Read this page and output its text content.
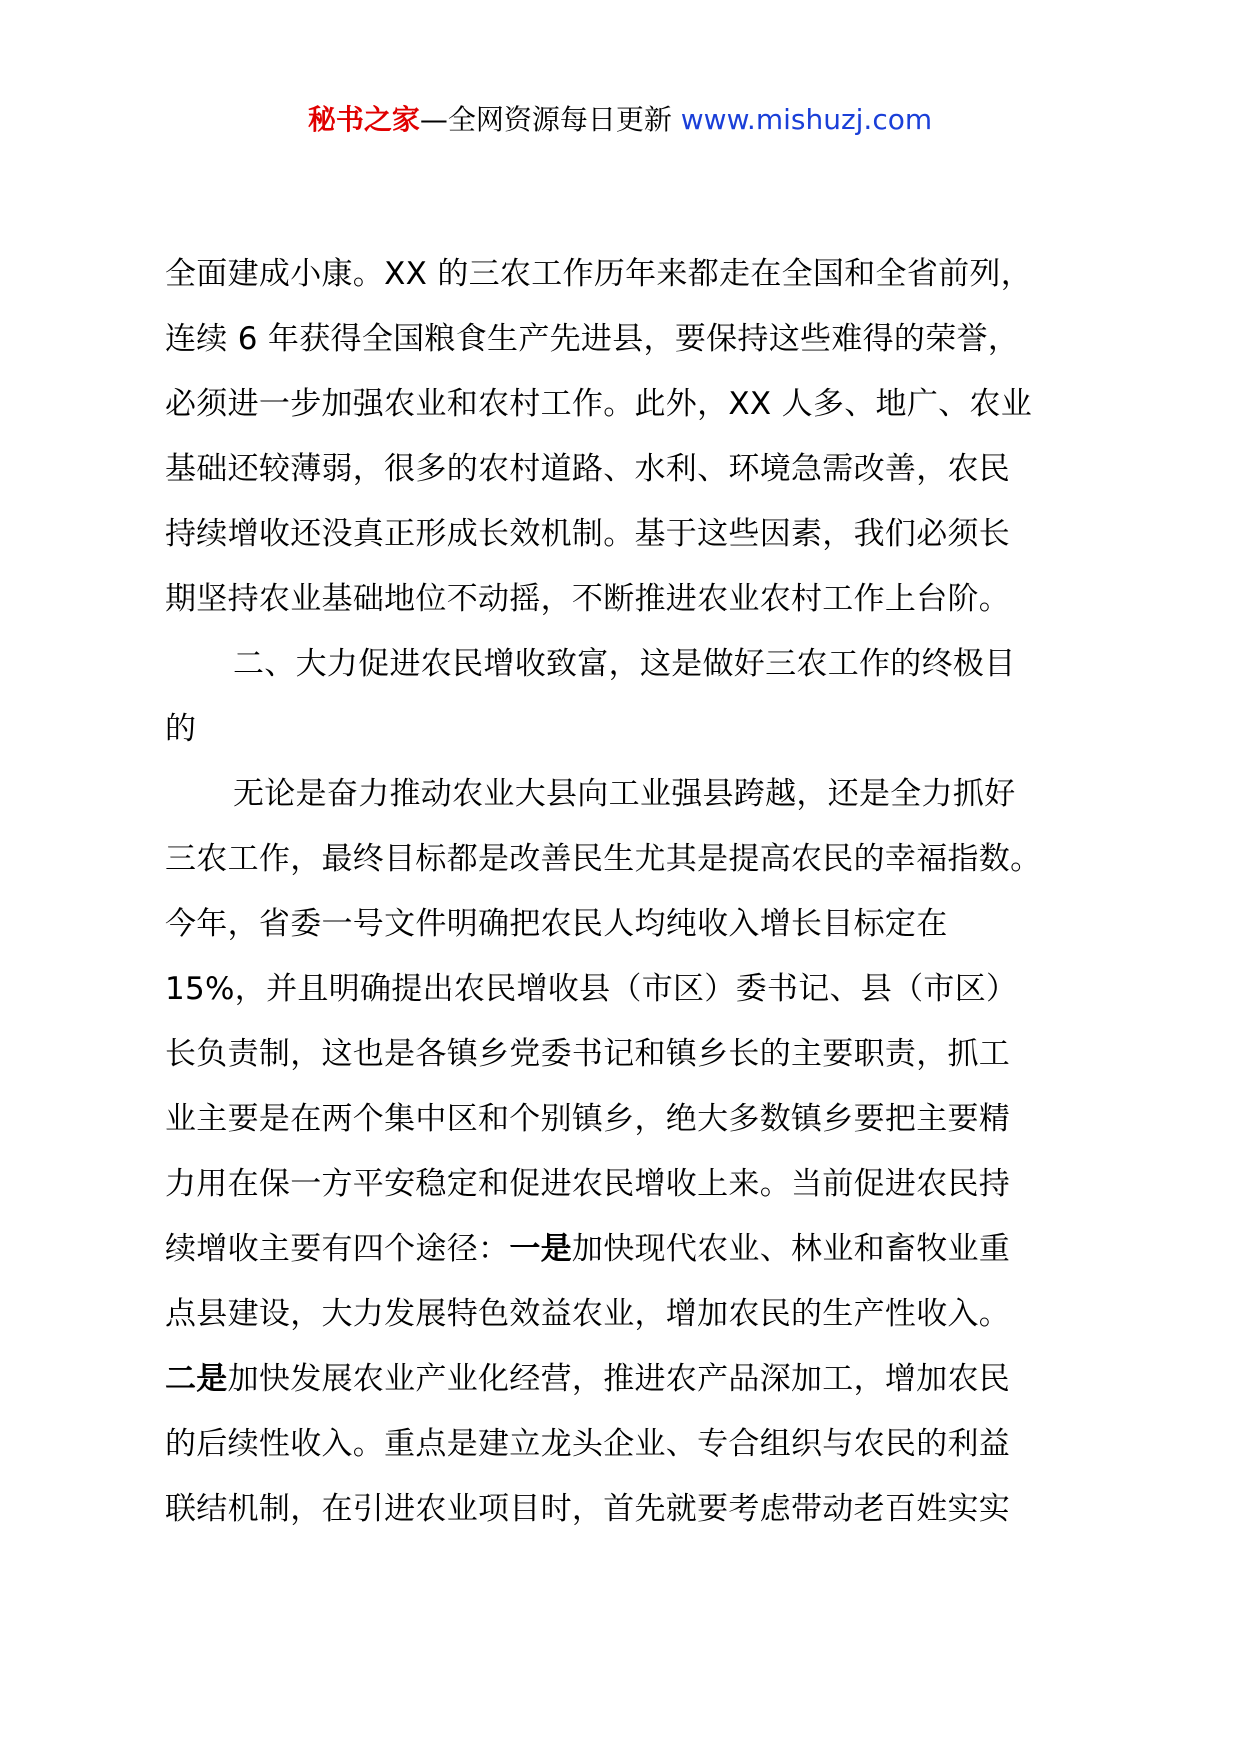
秘书之家—全网资源每日更新 www.mishuzj.com
全面建成小康。XX 的三农工作历年来都走在全国和全省前列，
连续 6 年获得全国粮食生产先进县，要保持这些难得的荣誉，
必须进一步加强农业和农村工作。此外，XX 人多、地广、农业
基础还较薄弱，很多的农村道路、水利、环境急需改善，农民
持续增收还没真正形成长效机制。基于这些因素，我们必须长
期坚持农业基础地位不动摇，不断推进农业农村工作上台阶。
二、大力促进农民增收致富，这是做好三农工作的终极目
的
无论是奋力推动农业大县向工业强县跨越，还是全力抓好
三农工作，最终目标都是改善民生尤其是提高农民的幸福指数。
今年，省委一号文件明确把农民人均纯收入增长目标定在
15%，并且明确提出农民增收县（市区）委书记、县（市区）
长负责制，这也是各镇乡党委书记和镇乡长的主要职责，抓工
业主要是在两个集中区和个别镇乡，绝大多数镇乡要把主要精
力用在保一方平安稳定和促进农民增收上来。当前促进农民持
续增收主要有四个途径：一是加快现代农业、林业和畜牧业重
点县建设，大力发展特色效益农业，增加农民的生产性收入。
二是加快发展农业产业化经营，推进农产品深加工，增加农民
的后续性收入。重点是建立龙头企业、专合组织与农民的利益
联结机制，在引进农业项目时，首先就要考虑带动老百姓实实
